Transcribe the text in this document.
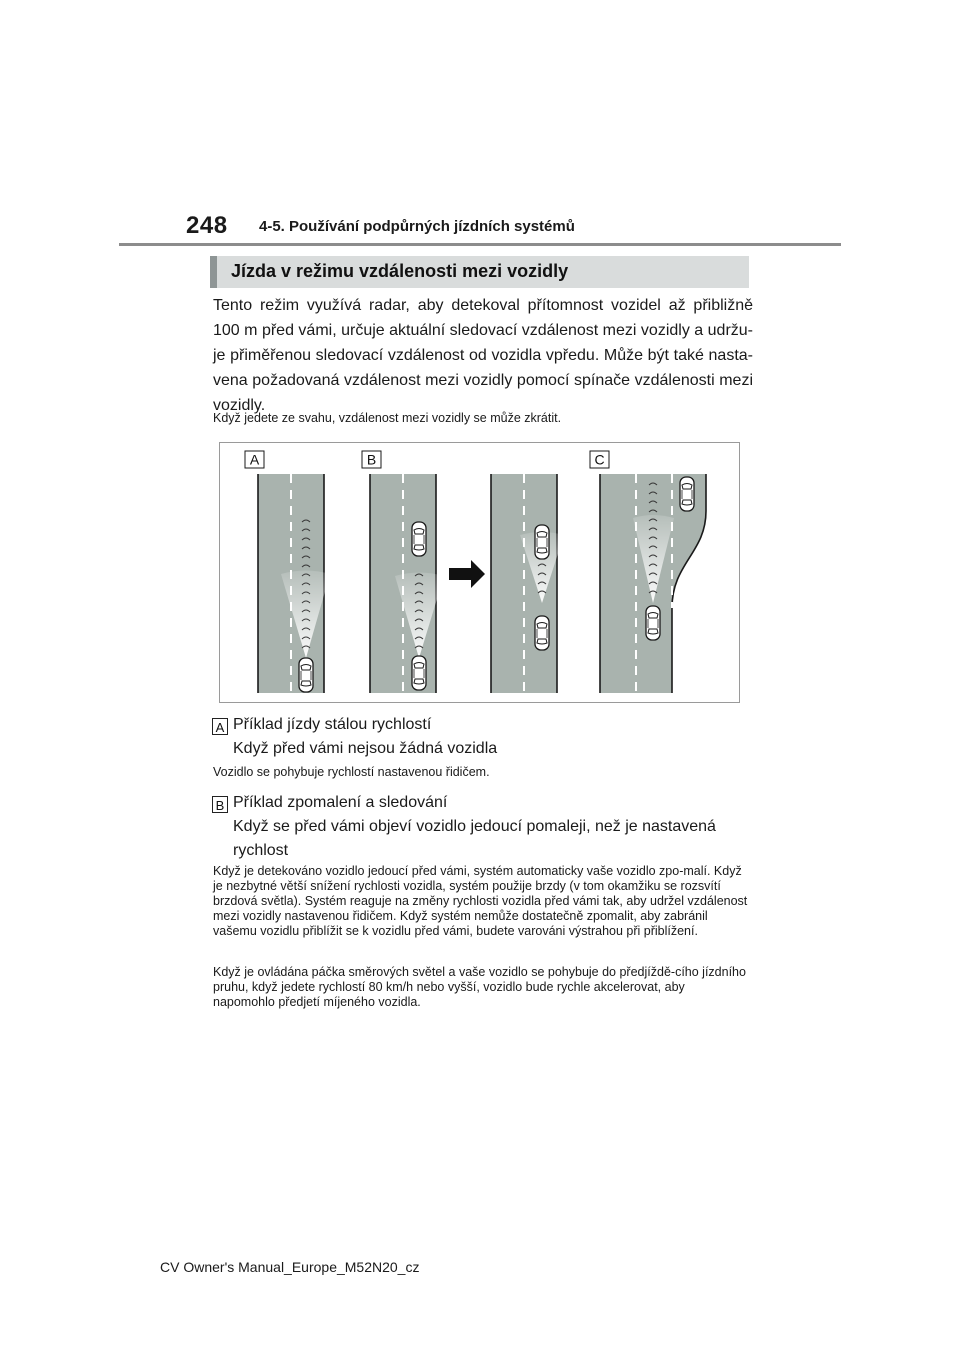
248 4-5. Používání podpůrných jízdních systémů
Jízda v režimu vzdálenosti mezi vozidly
Tento režim využívá radar, aby detekoval přítomnost vozidel až přibližně 100 m před vámi, určuje aktuální sledovací vzdálenost mezi vozidly a udržu-je přiměřenou sledovací vzdálenost od vozidla vpředu. Může být také nasta-vena požadovaná vzdálenost mezi vozidly pomocí spínače vzdálenosti mezi vozidly.
Když jedete ze svahu, vzdálenost mezi vozidly se může zkrátit.
A	B	C
A Příklad jízdy stálou rychlostí
Když před vámi nejsou žádná vozidla
Vozidlo se pohybuje rychlostí nastavenou řidičem.
B Příklad zpomalení a sledování
Když se před vámi objeví vozidlo jedoucí pomaleji, než je nastavená rychlost
Když je detekováno vozidlo jedoucí před vámi, systém automaticky vaše vozidlo zpo-malí. Když je nezbytné větší snížení rychlosti vozidla, systém použije brzdy (v tom okamžiku se rozsvítí brzdová světla). Systém reaguje na změny rychlosti vozidla před vámi tak, aby udržel vzdálenost mezi vozidly nastavenou řidičem. Když systém nemůže dostatečně zpomalit, aby zabránil vašemu vozidlu přiblížit se k vozidlu před vámi, budete varováni výstrahou při přiblížení.
Když je ovládána páčka směrových světel a vaše vozidlo se pohybuje do předjíždě-cího jízdního pruhu, když jedete rychlostí 80 km/h nebo vyšší, vozidlo bude rychle akcelerovat, aby napomohlo předjetí míjeného vozidla.
CV Owner's Manual_Europe_M52N20_cz
